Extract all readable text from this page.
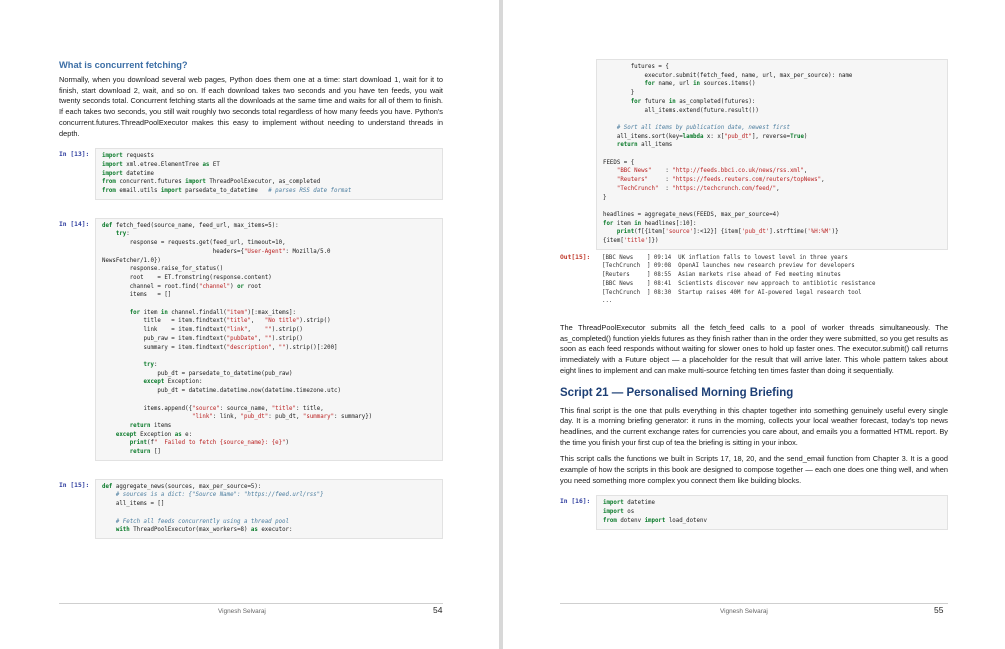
What is concurrent fetching?

Normally, when you download several web pages, Python does them one at a time: start download 1, wait for it to finish, start download 2, wait, and so on. If each download takes two seconds and you have ten feeds, you wait twenty seconds total. Concurrent fetching starts all the downloads at the same time and waits for all of them to finish. If each takes two seconds, you still wait roughly two seconds total regardless of how many feeds you have. Python's concurrent.futures.ThreadPoolExecutor makes this easy to implement without needing to understand threads in depth.

In [13]:	import requests
import xml.etree.ElementTree as ET
import datetime
from concurrent.futures import ThreadPoolExecutor, as_completed
from email.utils import parsedate_to_datetime # parses RSS date format
In [14]:	def fetch_feed(source_name, feed_url, max_items=5):
try:
response = requests.get(feed_url, timeout=10,
headers={"User-Agent": Mozilla/5.0
NewsFetcher/1.0})
response.raise_for_status()
root    = ET.fromstring(response.content)
channel = root.find("channel") or root
items   = []

for item in channel.findall("item")[:max_items]:
title   = item.findtext("title",   "No title").strip()
link    = item.findtext("link",    "").strip()
pub_raw = item.findtext("pubDate", "").strip()
summary = item.findtext("description", "").strip()[:200]

try:
pub_dt = parsedate_to_datetime(pub_raw)
except Exception:
pub_dt = datetime.datetime.now(datetime.timezone.utc)

items.append({"source": source_name, "title": title,
"link": link, "pub_dt": pub_dt, "summary": summary})
return items
except Exception as e:
print(f"  Failed to fetch {source_name}: {e}")
return []
In [15]:	def aggregate_news(sources, max_per_source=5):
# sources is a dict: {"Source Name": "https://feed.url/rss"}
all_items = []

# Fetch all feeds concurrently using a thread pool
with ThreadPoolExecutor(max_workers=8) as executor:
Vignesh Selvaraj	54
futures = {
executor.submit(fetch_feed, name, url, max_per_source): name
for name, url in sources.items()
}
for future in as_completed(futures):
all_items.extend(future.result())

# Sort all items by publication date, newest first
all_items.sort(key=lambda x: x["pub_dt"], reverse=True)
return all_items

FEEDS = {
"BBC News"    : "http://feeds.bbci.co.uk/news/rss.xml",
"Reuters"     : "https://feeds.reuters.com/reuters/topNews",
"TechCrunch"  : "https://techcrunch.com/feed/",
}

headlines = aggregate_news(FEEDS, max_per_source=4)
for item in headlines[:10]:
print(f[{item['source']:<12}] {item['pub_dt'].strftime('%H:%M')}
{item['title']})
Out[15]:	[BBC News    ] 09:14  UK inflation falls to lowest level in three years
[TechCrunch  ] 09:08  OpenAI launches new research preview for developers
[Reuters     ] 08:55  Asian markets rise ahead of Fed meeting minutes
[BBC News    ] 08:41  Scientists discover new approach to antibiotic resistance
[TechCrunch  ] 08:30  Startup raises 40M for AI-powered legal research tool
...

The ThreadPoolExecutor submits all the fetch_feed calls to a pool of worker threads simultaneously. The as_completed() function yields futures as they finish rather than in the order they were submitted, so you get results as soon as each feed responds without waiting for slower ones to hold up faster ones. The executor.submit() call returns immediately with a Future object — a placeholder for the result that will arrive later. This whole pattern takes about eight lines to implement and can make multi-source fetching ten times faster than doing it sequentially.

Script 21 — Personalised Morning Briefing

This final script is the one that pulls everything in this chapter together into something genuinely useful every single day. It is a morning briefing generator: it runs in the morning, collects your local weather forecast, today's top news headlines, and the current exchange rates for currencies you care about, and emails you a formatted HTML report. By the time you finish your first cup of tea the briefing is sitting in your inbox.

This script calls the functions we built in Scripts 17, 18, 20, and the send_email function from Chapter 3. It is a good example of how the scripts in this book are designed to compose together — each one does one thing well, and when you need something more complex you connect them like building blocks.

In [16]:	import datetime
import os
from dotenv import load_dotenv
Vignesh Selvaraj	55
